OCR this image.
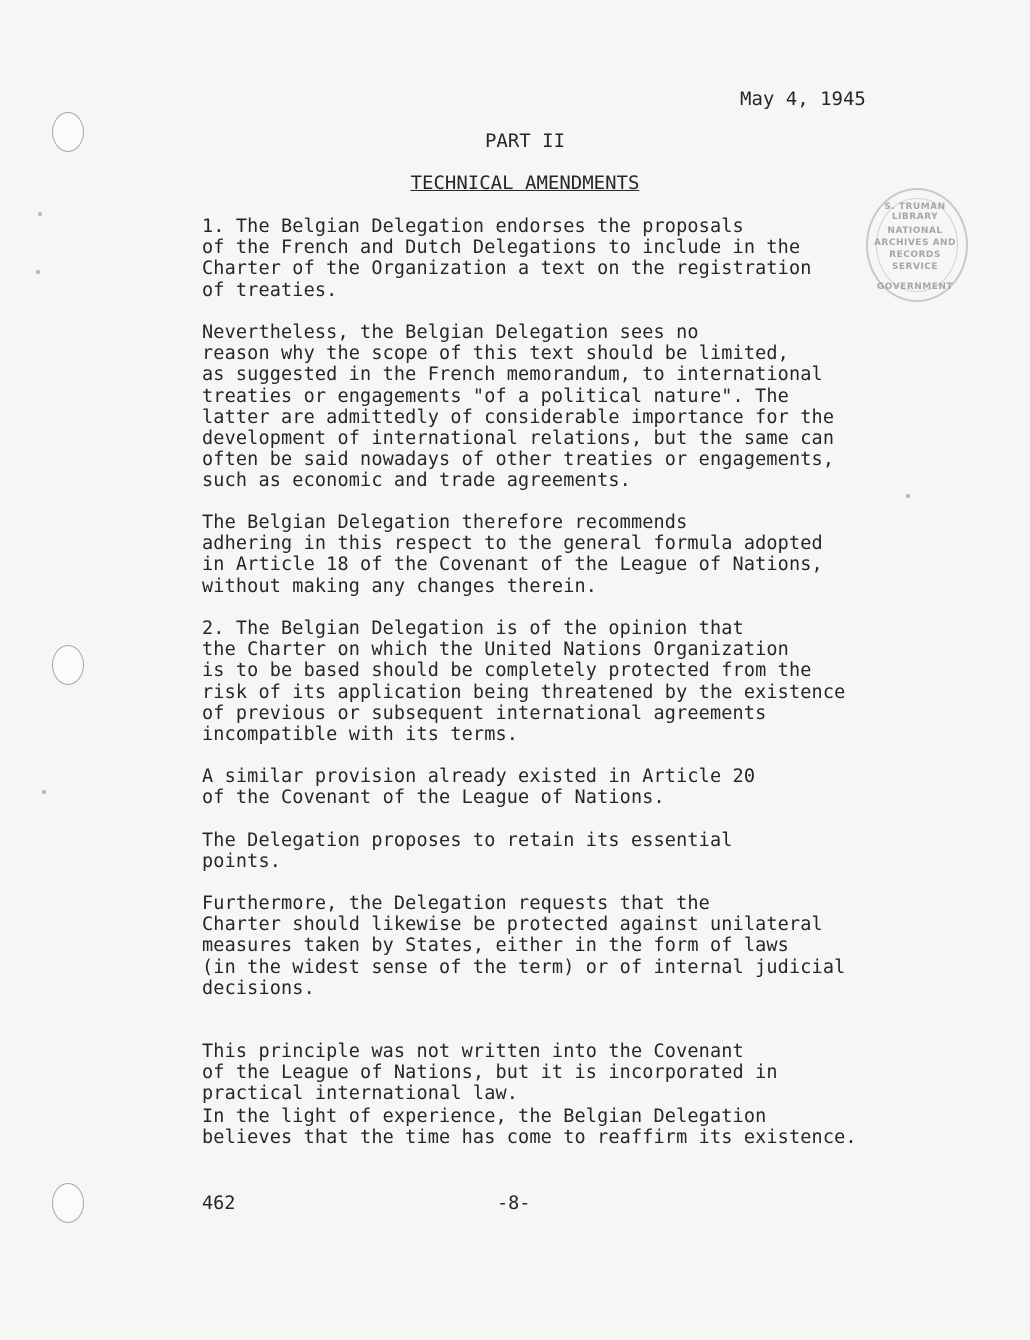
S. TRUMAN LIBRARY
NATIONAL
ARCHIVES AND
RECORDS
SERVICE
GOVERNMENT
May 4, 1945
PART II
TECHNICAL AMENDMENTS
1. The Belgian Delegation endorses the proposals
of the French and Dutch Delegations to include in the
Charter of the Organization a text on the registration
of treaties.
Nevertheless, the Belgian Delegation sees no
reason why the scope of this text should be limited,
as suggested in the French memorandum, to international
treaties or engagements "of a political nature". The
latter are admittedly of considerable importance for the
development of international relations, but the same can
often be said nowadays of other treaties or engagements,
such as economic and trade agreements.
The Belgian Delegation therefore recommends
adhering in this respect to the general formula adopted
in Article 18 of the Covenant of the League of Nations,
without making any changes therein.
2. The Belgian Delegation is of the opinion that
the Charter on which the United Nations Organization
is to be based should be completely protected from the
risk of its application being threatened by the existence
of previous or subsequent international agreements
incompatible with its terms.
A similar provision already existed in Article 20
of the Covenant of the League of Nations.
The Delegation proposes to retain its essential
points.
Furthermore, the Delegation requests that the
Charter should likewise be protected against unilateral
measures taken by States, either in the form of laws
(in the widest sense of the term) or of internal judicial
decisions.
This principle was not written into the Covenant
of the League of Nations, but it is incorporated in
practical international law.
In the light of experience, the Belgian Delegation
believes that the time has come to reaffirm its existence.
462	-8-
